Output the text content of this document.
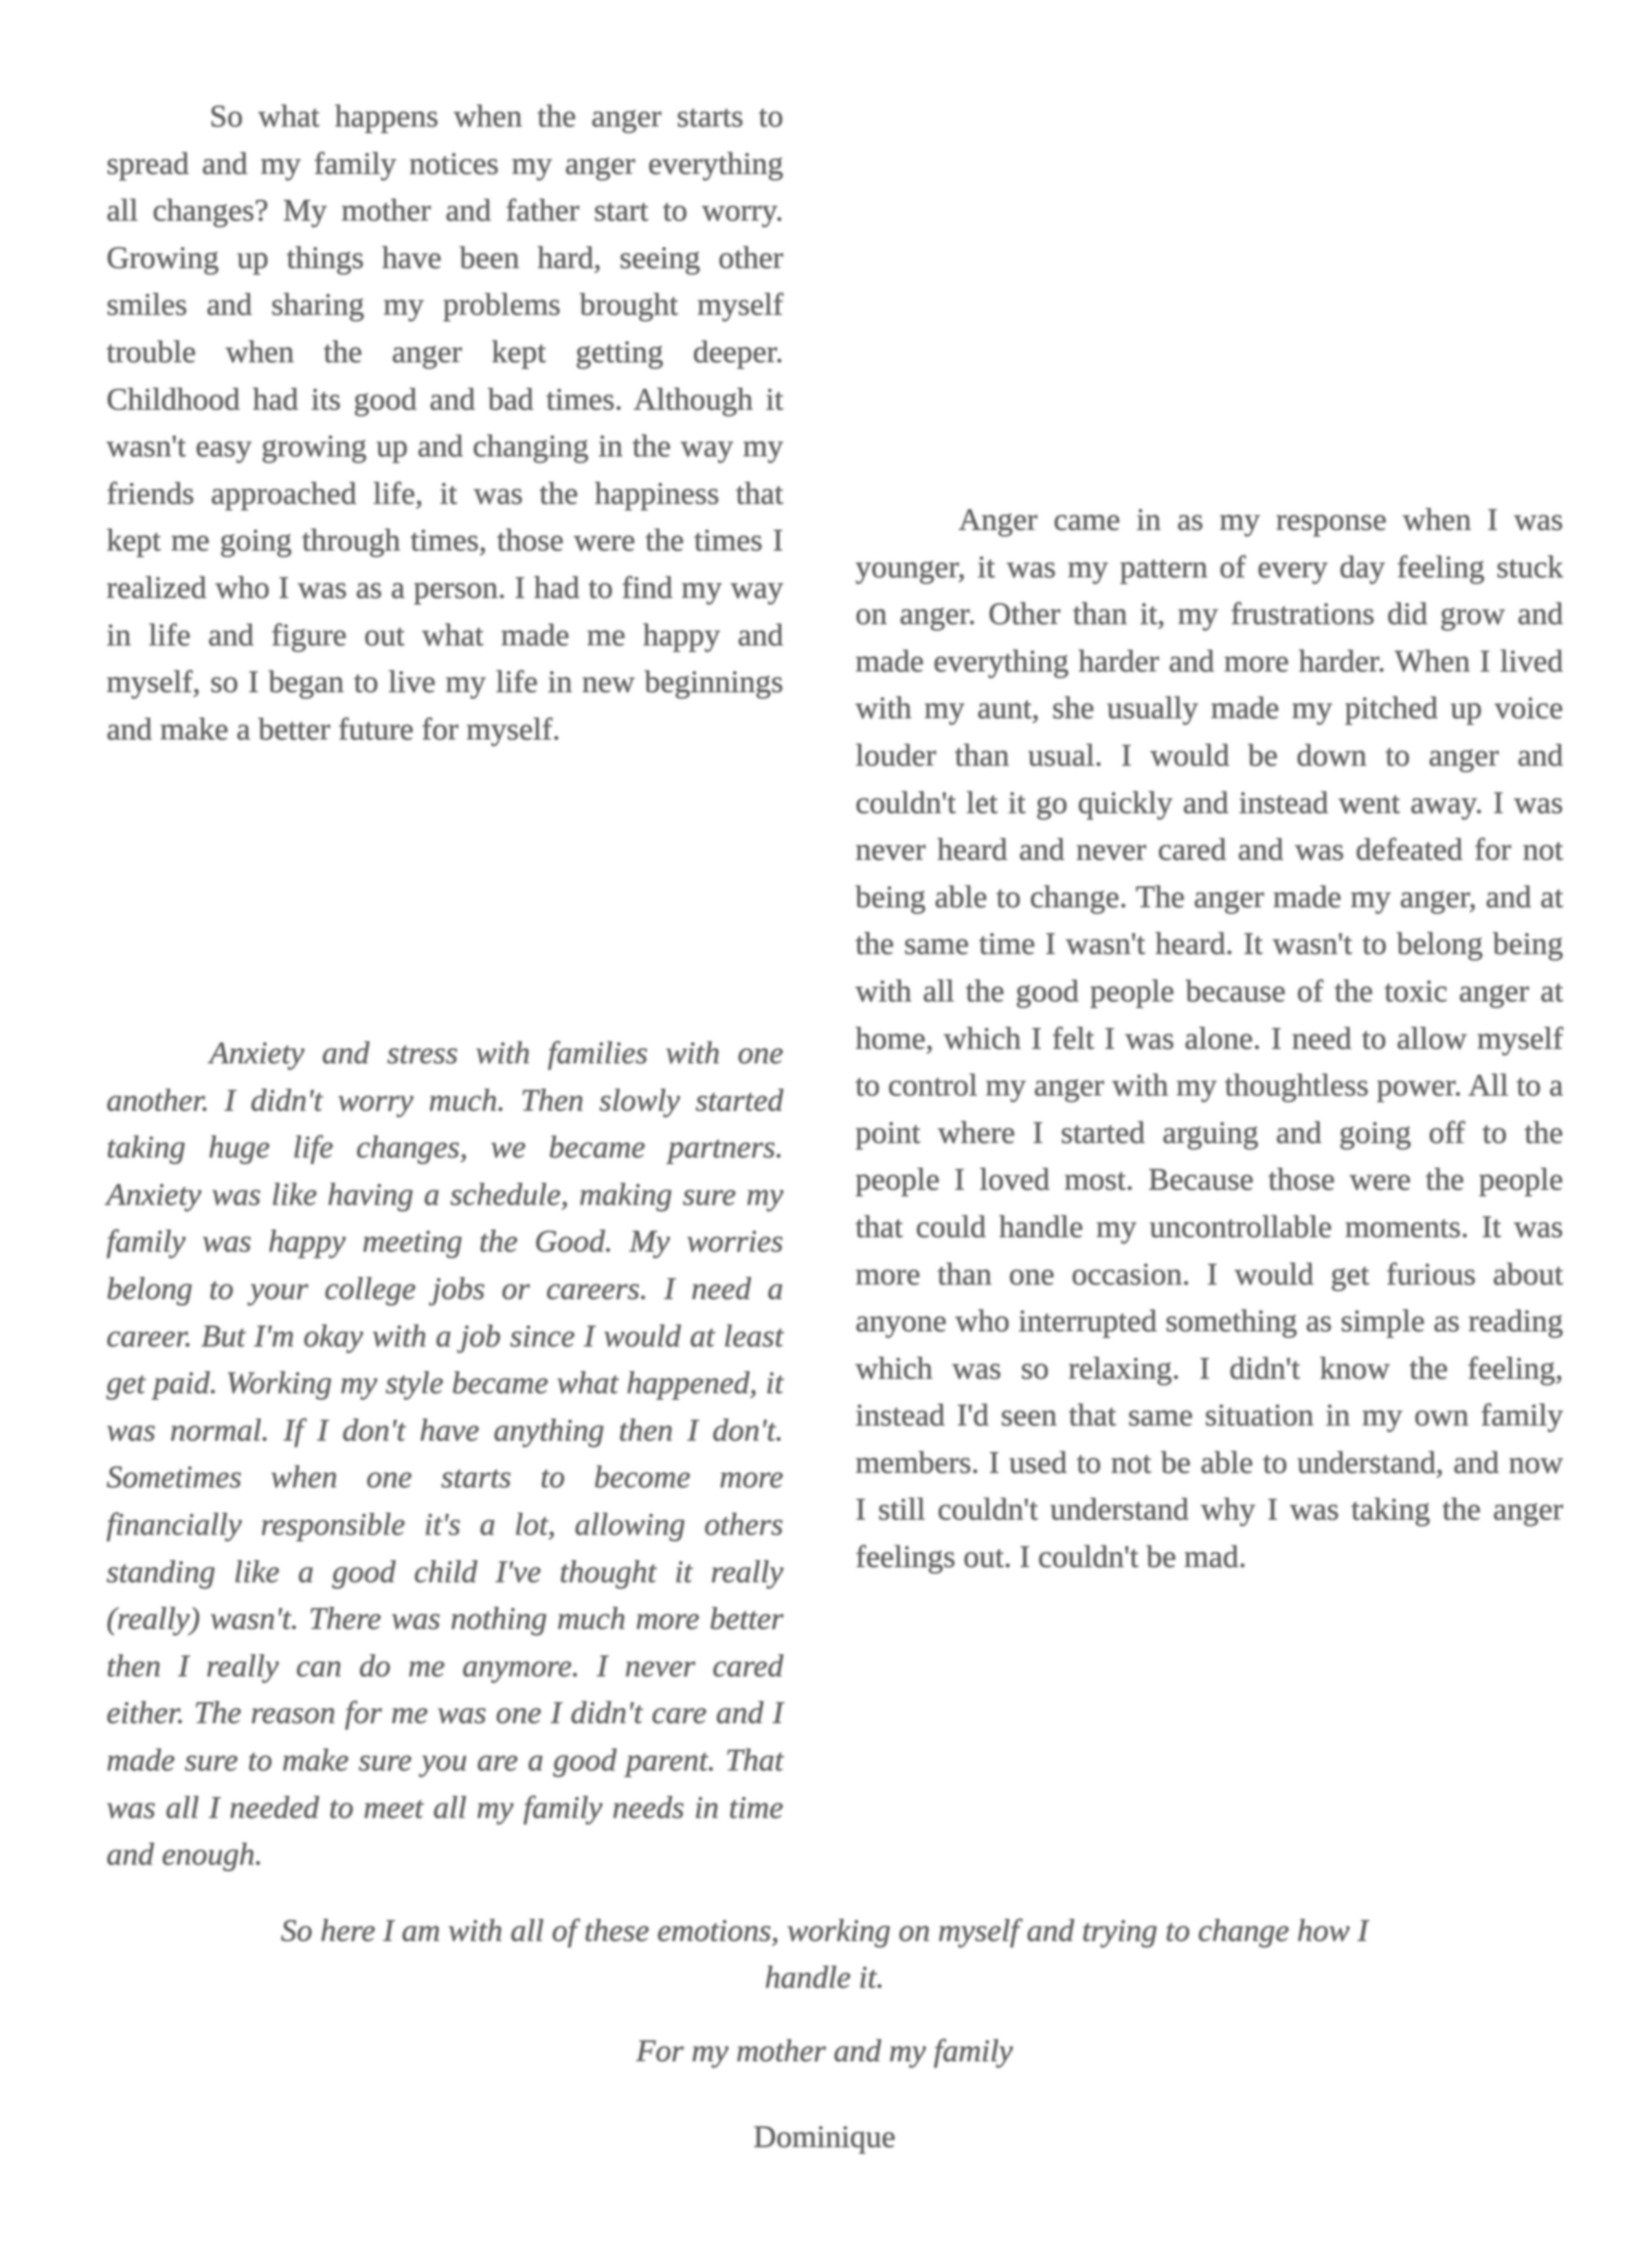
So what happens when the anger starts to spread and my family notices my anger everything all changes? My mother and father start to worry. Growing up things have been hard, seeing other smiles and sharing my problems brought myself trouble when the anger kept getting deeper. Childhood had its good and bad times. Although it wasn't easy growing up and changing in the way my friends approached life, it was the happiness that kept me going through times, those were the times I realized who I was as a person. I had to find my way in life and figure out what made me happy and myself, so I began to live my life in new beginnings and make a better future for myself.

Anger came in as my response when I was younger, it was my pattern of every day feeling stuck on anger. Other than it, my frustrations did grow and made everything harder and more harder. When I lived with my aunt, she usually made my pitched up voice louder than usual. I would be down to anger and couldn't let it go quickly and instead went away. I was never heard and never cared and was defeated for not being able to change. The anger made my anger, and at the same time I wasn't heard. It wasn't to belong being with all the good people because of the toxic anger at home, which I felt I was alone. I need to allow myself to control my anger with my thoughtless power. All to a point where I started arguing and going off to the people I loved most. Because those were the people that could handle my uncontrollable moments. It was more than one occasion. I would get furious about anyone who interrupted something as simple as reading which was so relaxing. I didn't know the feeling, instead I'd seen that same situation in my own family members. I used to not be able to understand, and now I still couldn't understand why I was taking the anger feelings out. I couldn't be mad.

Anxiety and stress with families with one another. I didn't worry much. Then slowly started taking huge life changes, we became partners. Anxiety was like having a schedule, making sure my family was happy meeting the Good. My worries belong to your college jobs or careers. I need a career. But I'm okay with a job since I would at least get paid. Working my style became what happened, it was normal. If I don't have anything then I don't. Sometimes when one starts to become more financially responsible it's a lot, allowing others standing like a good child I've thought it really (really) wasn't. There was nothing much more better then I really can do me anymore. I never cared either. The reason for me was one I didn't care and I made sure to make sure you are a good parent. That was all I needed to meet all my family needs in time and enough.

So here I am with all of these emotions, working on myself and trying to change how I handle it.

For my mother and my family

Dominique
